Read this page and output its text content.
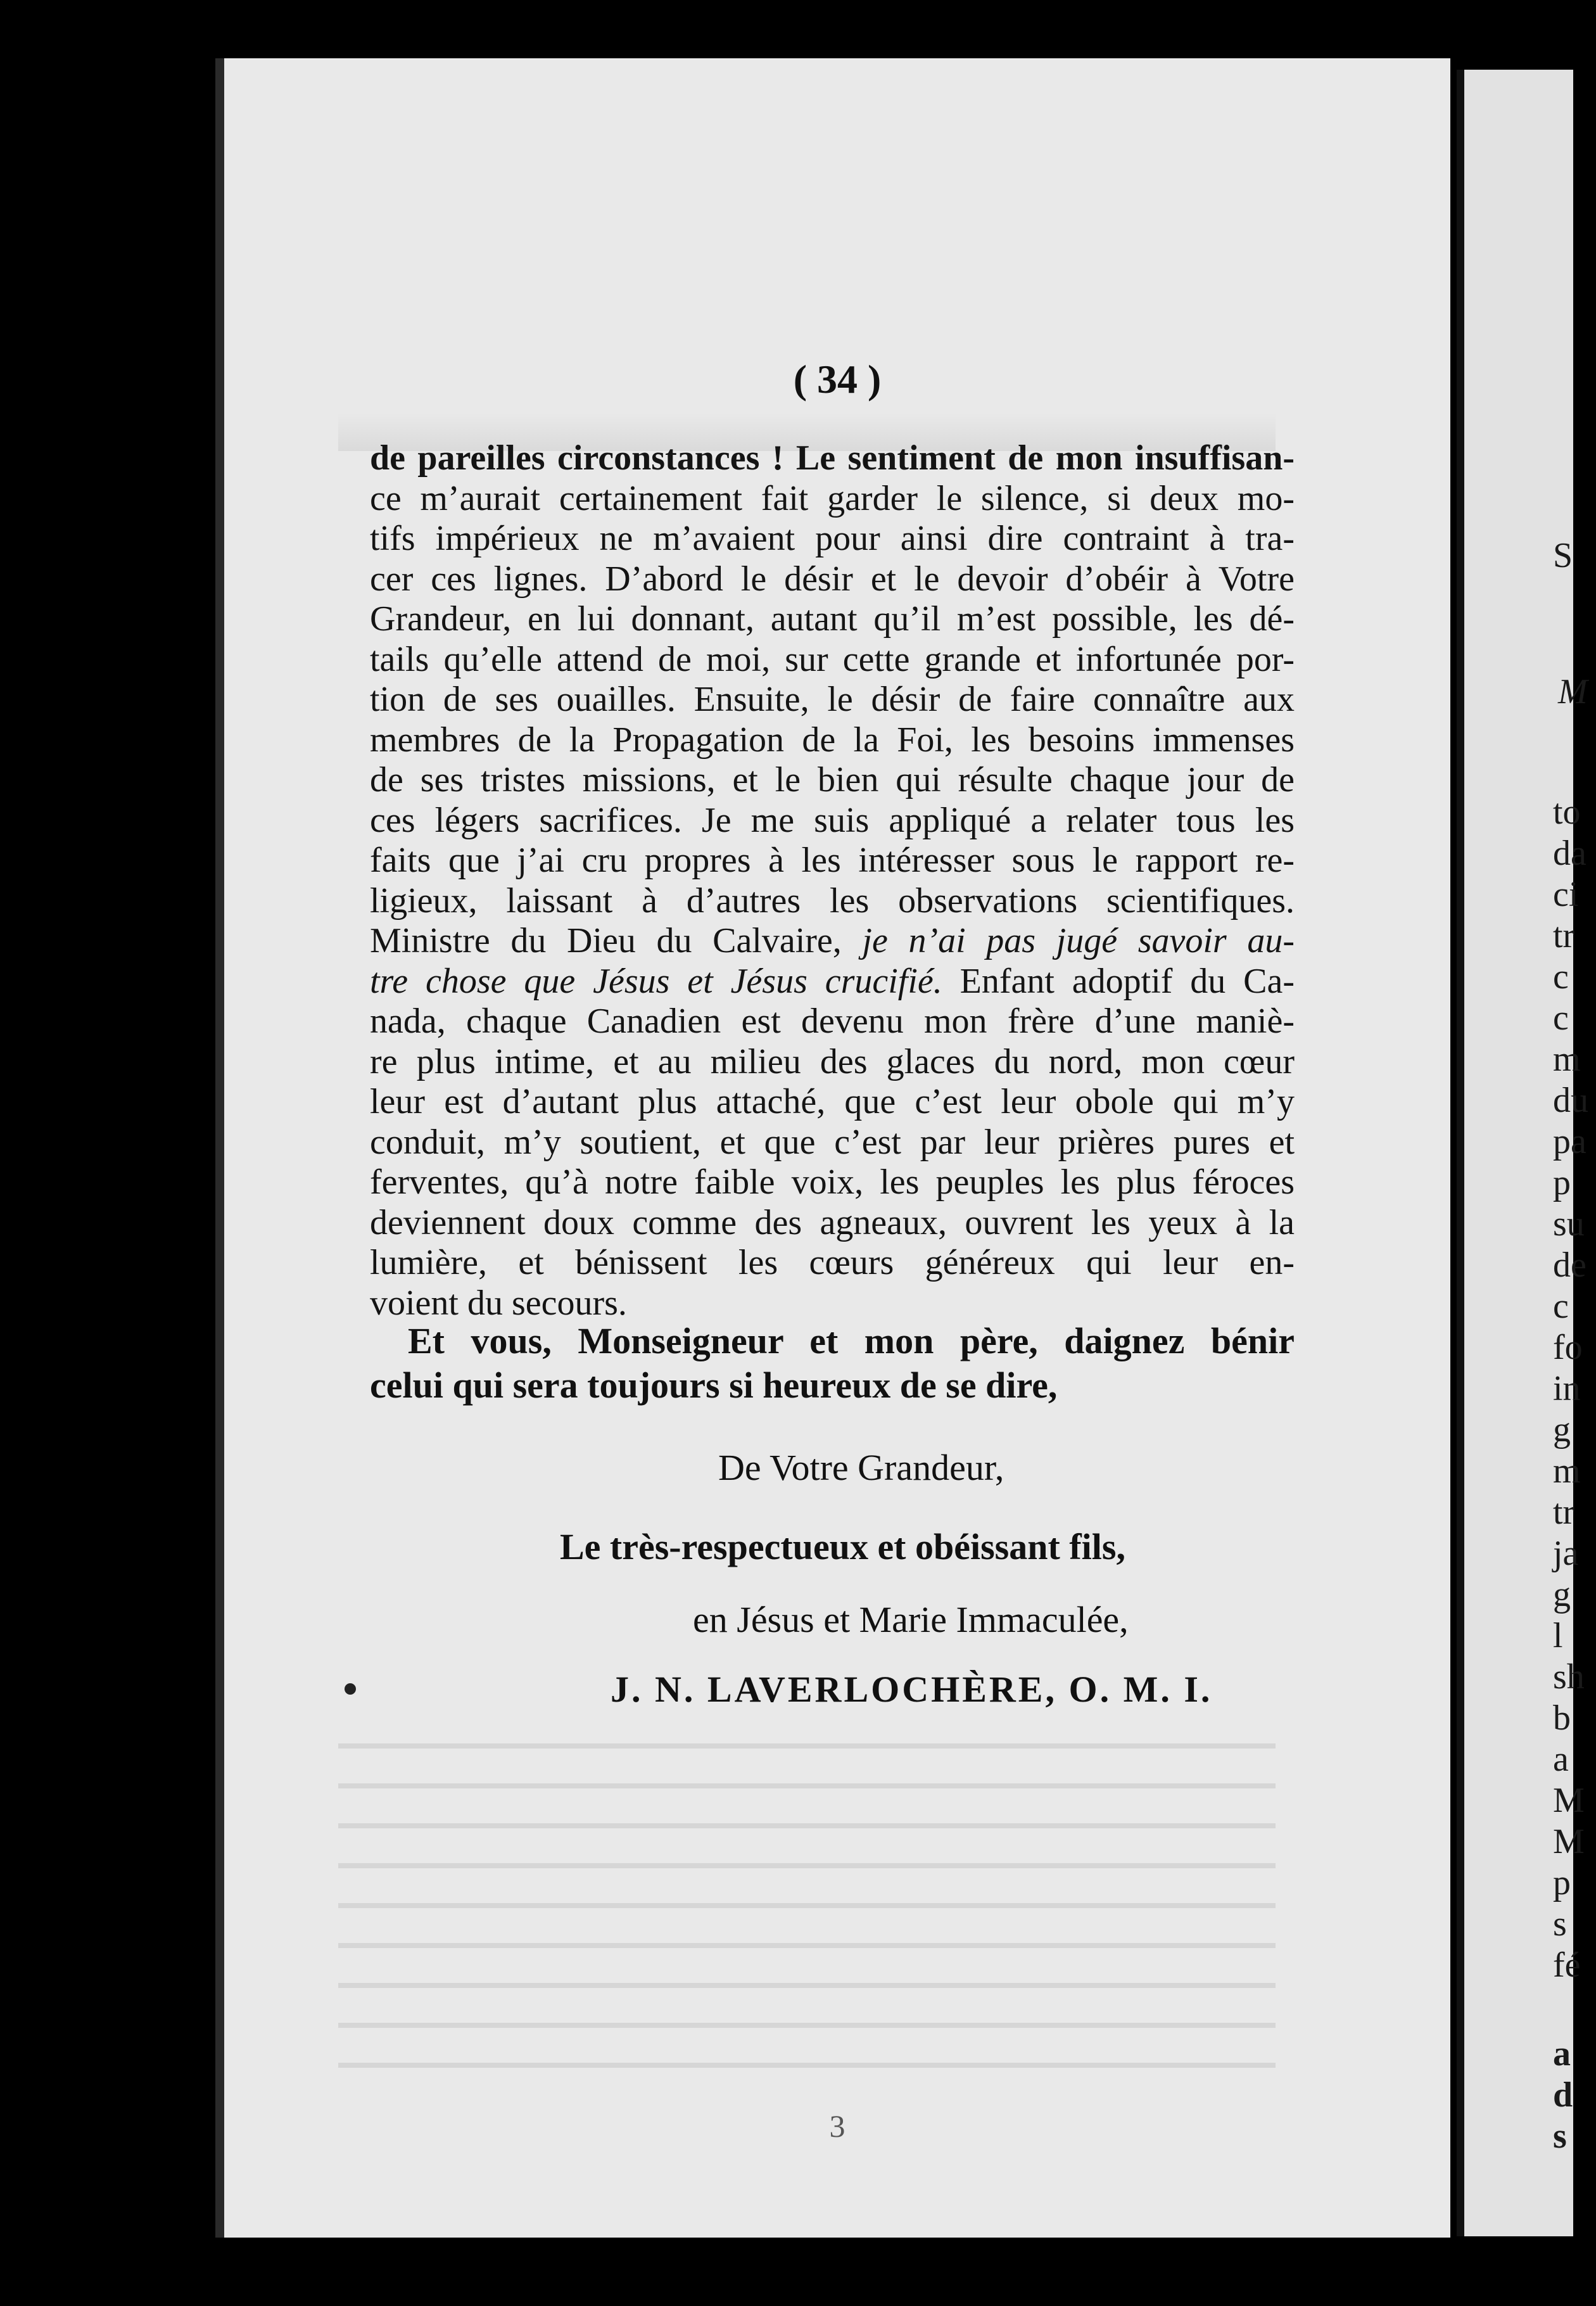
( 34 )
de pareilles circonstances ! Le sentiment de mon insuffisan-
ce m’aurait certainement fait garder le silence, si deux mo-
tifs impérieux ne m’avaient pour ainsi dire contraint à tra-
cer ces lignes. D’abord le désir et le devoir d’obéir à Votre
Grandeur, en lui donnant, autant qu’il m’est possible, les dé-
tails qu’elle attend de moi, sur cette grande et infortunée por-
tion de ses ouailles. Ensuite, le désir de faire connaître aux
membres de la Propagation de la Foi, les besoins immenses
de ses tristes missions, et le bien qui résulte chaque jour de
ces légers sacrifices. Je me suis appliqué a relater tous les
faits que j’ai cru propres à les intéresser sous le rapport re-
ligieux, laissant à d’autres les observations scientifiques.
Ministre du Dieu du Calvaire, je n’ai pas jugé savoir au-
tre chose que Jésus et Jésus crucifié. Enfant adoptif du Ca-
nada, chaque Canadien est devenu mon frère d’une maniè-
re plus intime, et au milieu des glaces du nord, mon cœur
leur est d’autant plus attaché, que c’est leur obole qui m’y
conduit, m’y soutient, et que c’est par leur prières pures et
ferventes, qu’à notre faible voix, les peuples les plus féroces
deviennent doux comme des agneaux, ouvrent les yeux à la
lumière, et bénissent les cœurs généreux qui leur en-
voient du secours.
Et vous, Monseigneur et mon père, daignez bénir
celui qui sera toujours si heureux de se dire,
De Votre Grandeur,
Le très-respectueux et obéissant fils,
en Jésus et Marie Immaculée,
J. N. LAVERLOCHÈRE, O. M. I.
3
S
M
to
da
ci
tr
c
c
m
du
pa
p
su
de
c
fo
in
g
m
tr
ja
g
l
sh
b
a
M
M
p
s
fé
a
d
s
